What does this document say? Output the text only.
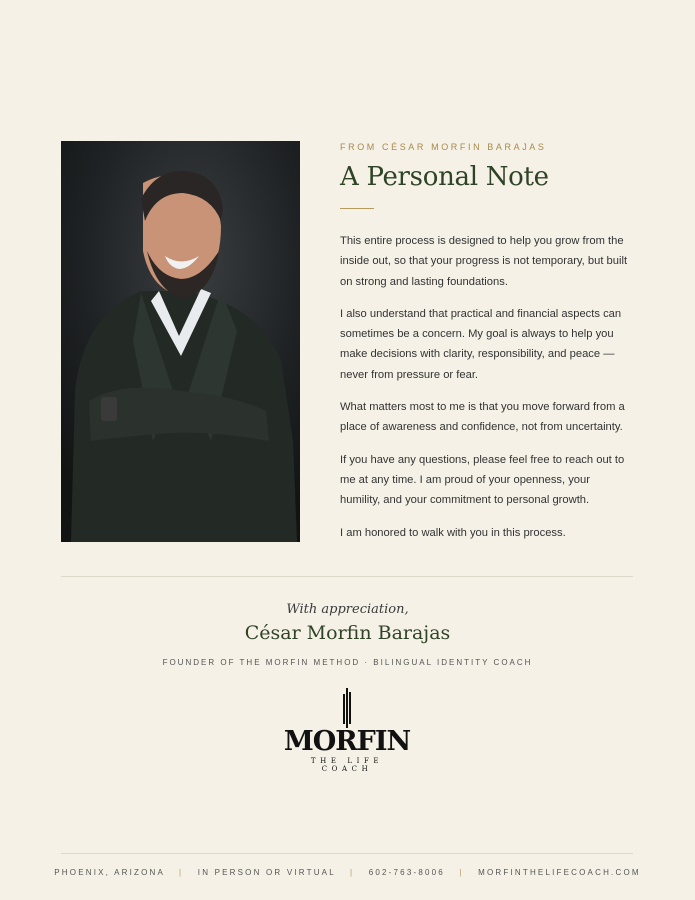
FROM CÉSAR MORFIN BARAJAS
A Personal Note

This entire process is designed to help you grow from the inside out, so that your progress is not temporary, but built on strong and lasting foundations.

I also understand that practical and financial aspects can sometimes be a concern. My goal is always to help you make decisions with clarity, responsibility, and peace — never from pressure or fear.

What matters most to me is that you move forward from a place of awareness and confidence, not from uncertainty.

If you have any questions, please feel free to reach out to me at any time. I am proud of your openness, your humility, and your commitment to personal growth.

I am honored to walk with you in this process.

With appreciation,
César Morfin Barajas
FOUNDER OF THE MORFIN METHOD · BILINGUAL IDENTITY COACH
MORFIN
THE LIFE COACH
PHOENIX, ARIZONA | IN PERSON OR VIRTUAL | 602-763-8006 | MORFINTHELIFECOACH.COM
